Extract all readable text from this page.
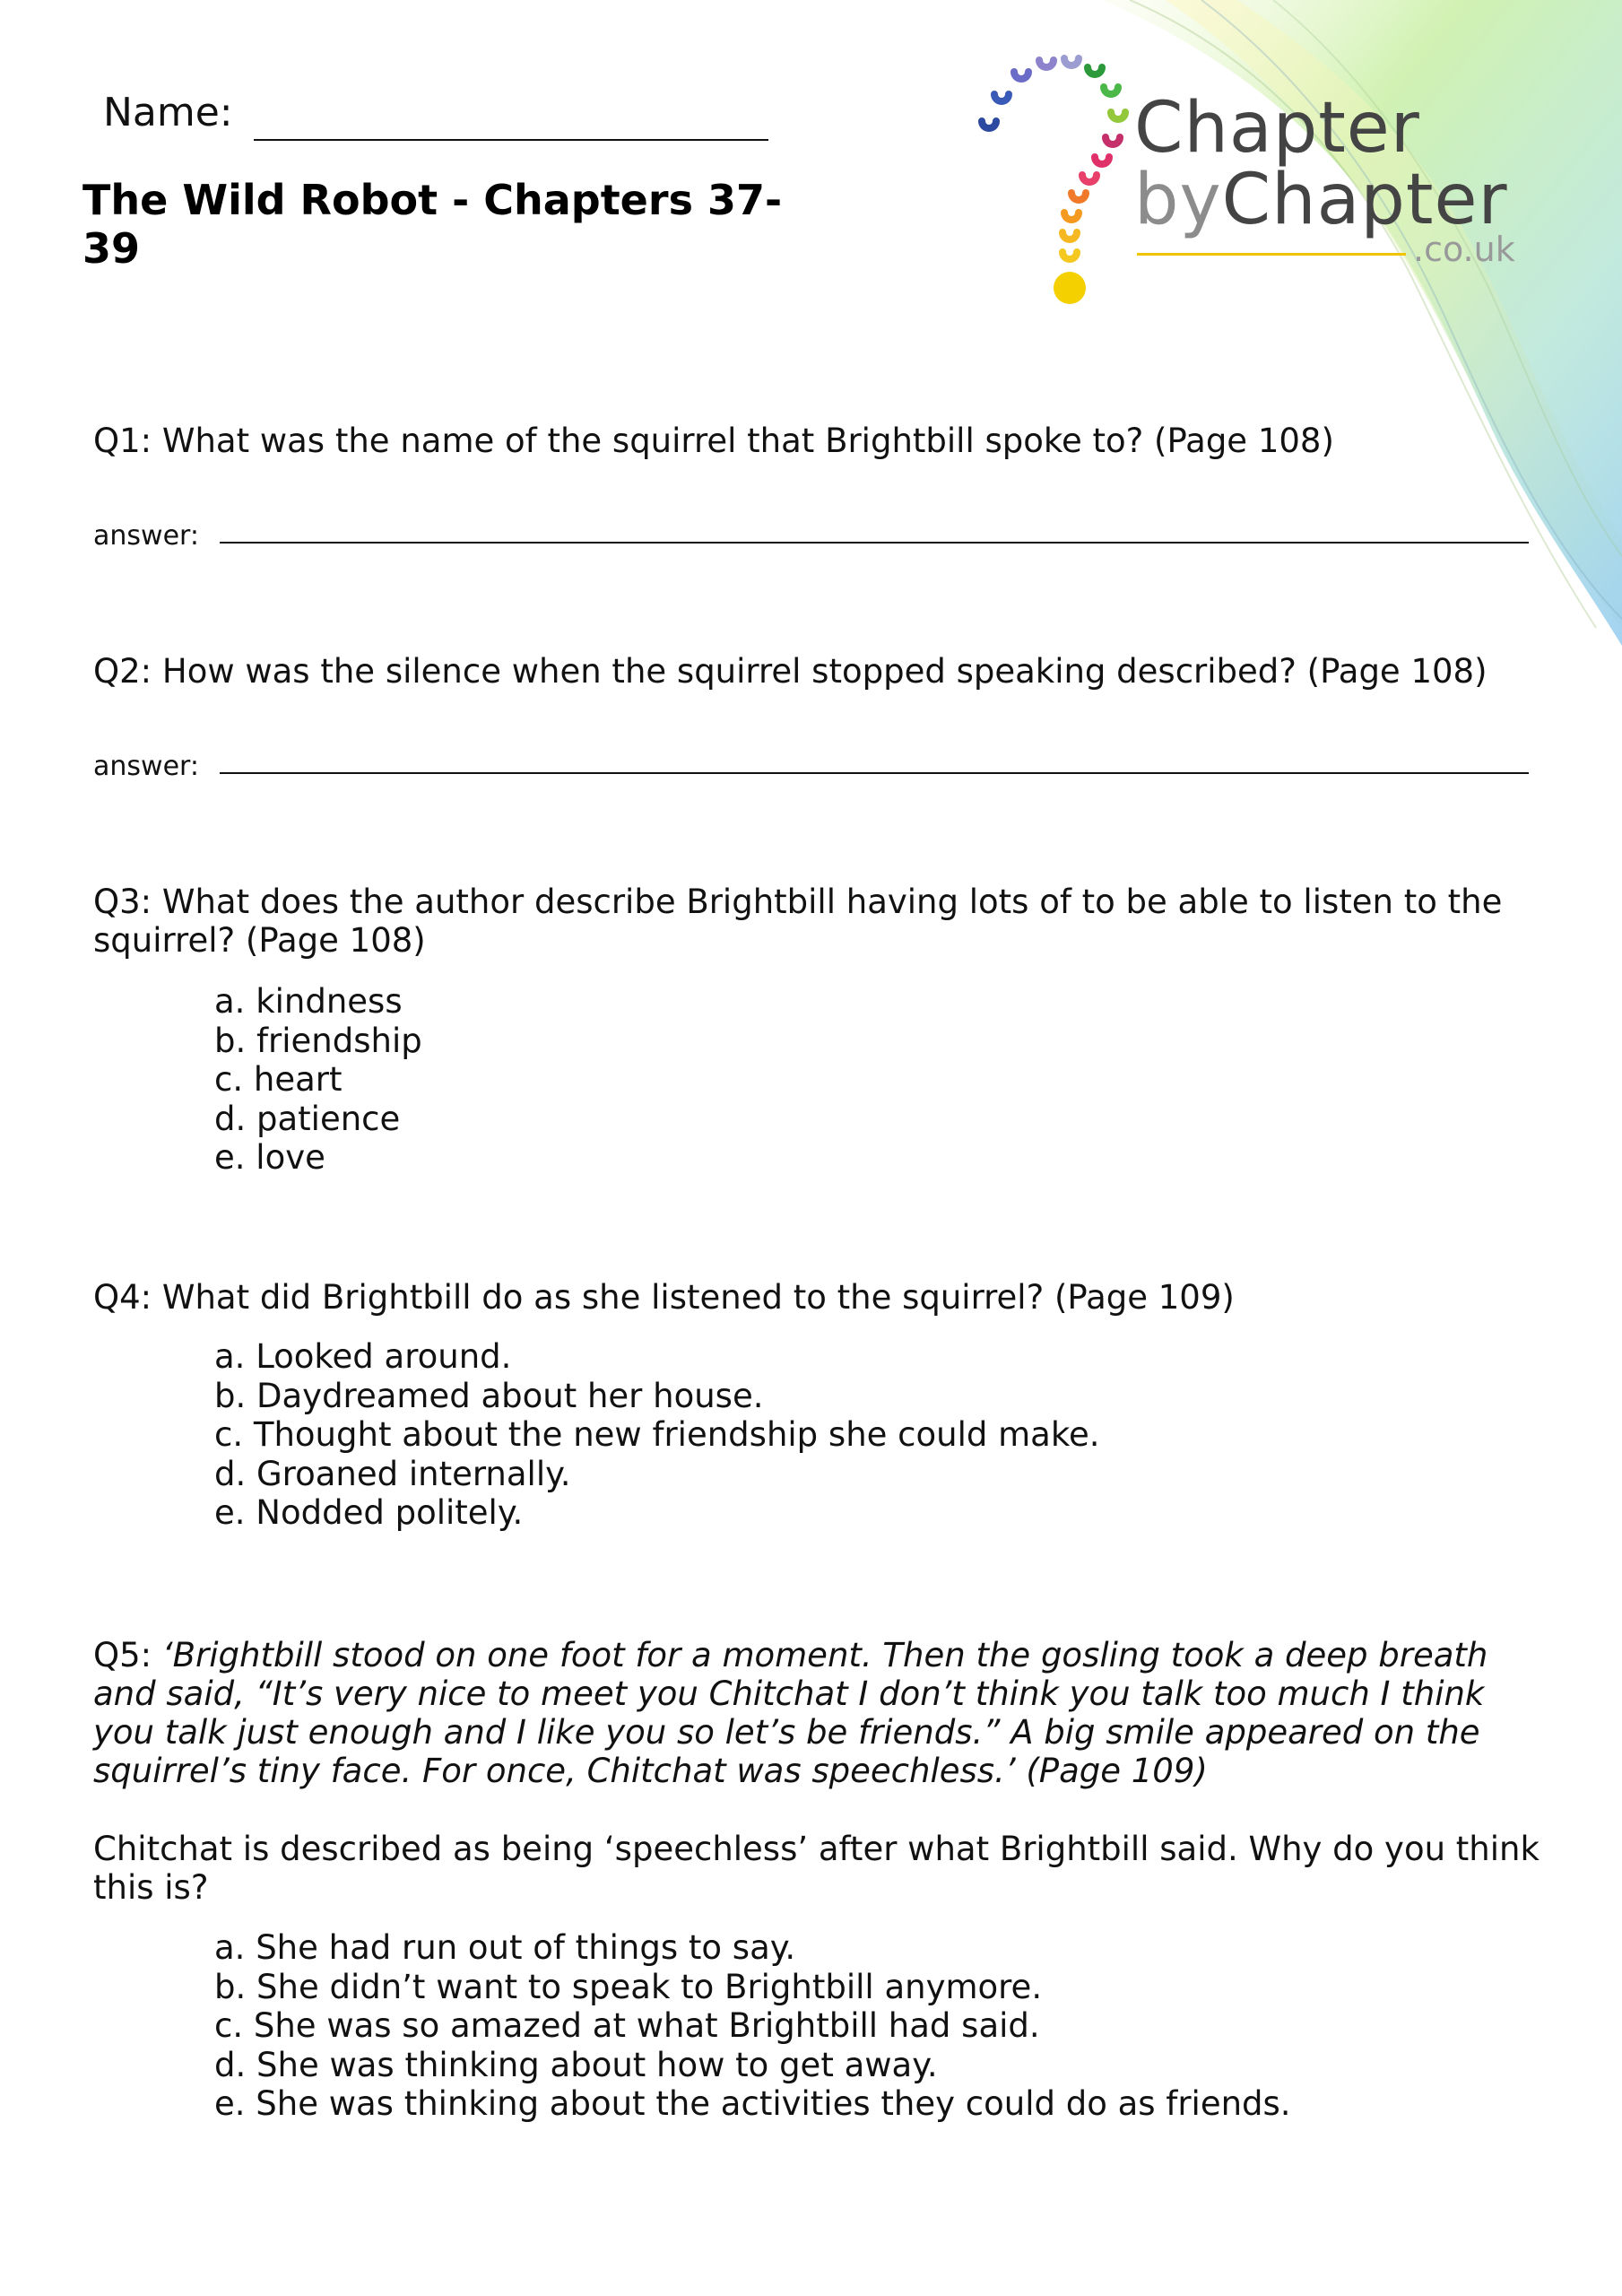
Name:
The Wild Robot - Chapters 37-39
Chapter
byChapter
.co.uk
Q1: What was the name of the squirrel that Brightbill spoke to? (Page 108)
answer:
Q2: How was the silence when the squirrel stopped speaking described? (Page 108)
answer:
Q3: What does the author describe Brightbill having lots of to be able to listen to the squirrel? (Page 108)
a. kindness
b. friendship
c. heart
d. patience
e. love
Q4: What did Brightbill do as she listened to the squirrel? (Page 109)
a. Looked around.
b. Daydreamed about her house.
c. Thought about the new friendship she could make.
d. Groaned internally.
e. Nodded politely.
Q5: ‘Brightbill stood on one foot for a moment. Then the gosling took a deep breath and said, “It’s very nice to meet you Chitchat I don’t think you talk too much I think you talk just enough and I like you so let’s be friends.” A big smile appeared on the squirrel’s tiny face. For once, Chitchat was speechless.’ (Page 109)
Chitchat is described as being ‘speechless’ after what Brightbill said. Why do you think this is?
a. She had run out of things to say.
b. She didn’t want to speak to Brightbill anymore.
c. She was so amazed at what Brightbill had said.
d. She was thinking about how to get away.
e. She was thinking about the activities they could do as friends.
